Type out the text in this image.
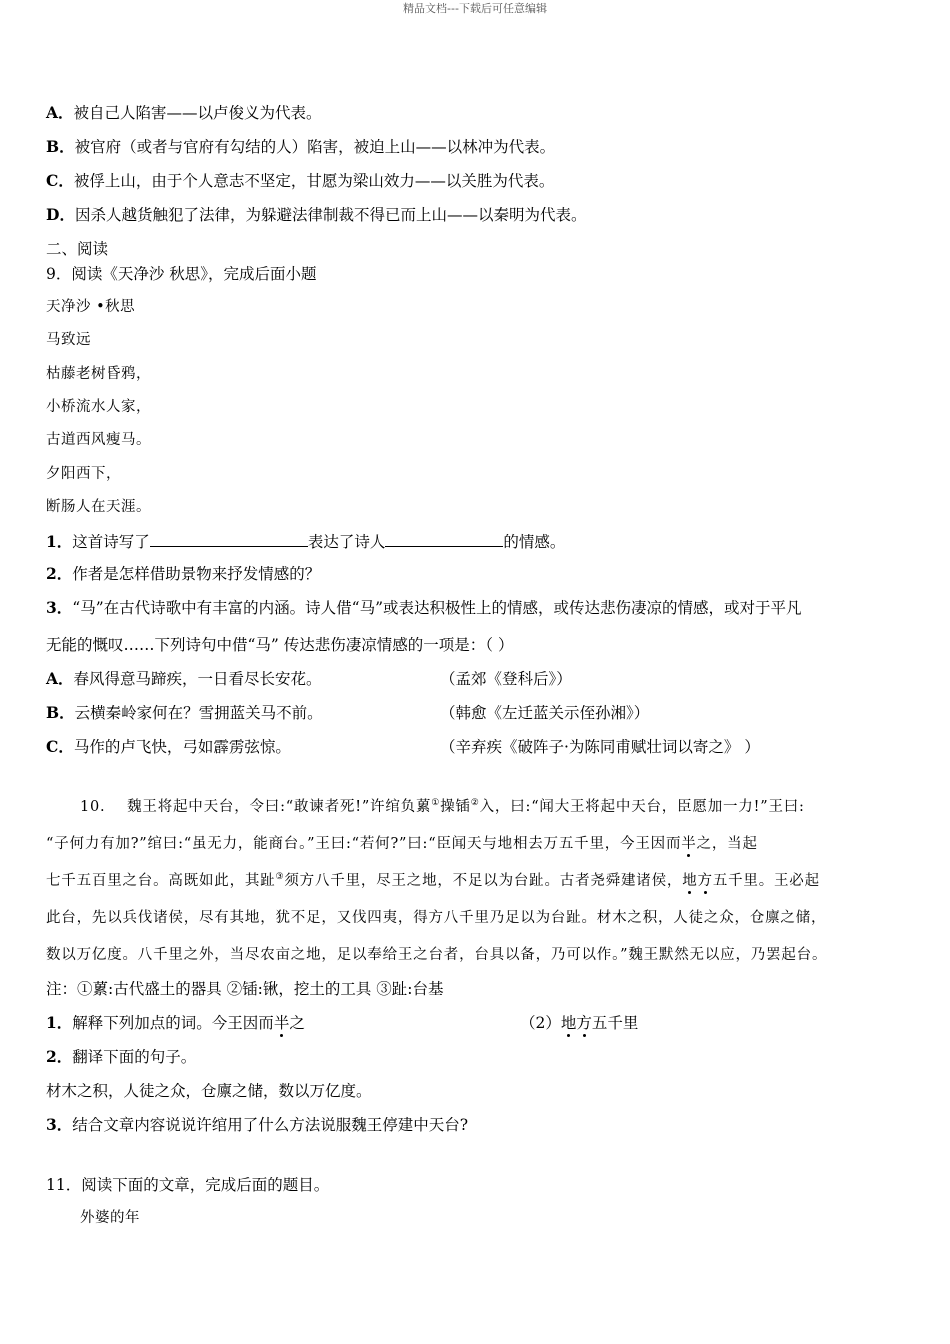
精品文档---下载后可任意编辑
A．被自己人陷害——以卢俊义为代表。
B．被官府（或者与官府有勾结的人）陷害，被迫上山——以林冲为代表。
C．被俘上山，由于个人意志不坚定，甘愿为梁山效力——以关胜为代表。
D．因杀人越货触犯了法律，为躲避法律制裁不得已而上山——以秦明为代表。
二、阅读
9．阅读《天净沙 秋思》，完成后面小题
天净沙 •秋思
马致远
枯藤老树昏鸦，
小桥流水人家，
古道西风瘦马。
夕阳西下，
断肠人在天涯。
1．这首诗写了	表达了诗人	的情感。
2．作者是怎样借助景物来抒发情感的？
3．“马”在古代诗歌中有丰富的内涵。诗人借“马”或表达积极性上的情感，或传达悲伤凄凉的情感，或对于平凡
无能的慨叹……下列诗句中借“马” 传达悲伤凄凉情感的一项是：（ ）
A．春风得意马蹄疾，一日看尽长安花。	（孟郊《登科后》）
B．云横秦岭家何在？雪拥蓝关马不前。	（韩愈《左迁蓝关示侄孙湘》）
C．马作的卢飞快，弓如霹雳弦惊。	（辛弃疾《破阵子·为陈同甫赋壮词以寄之》 ）
10. 魏王将起中天台，令曰:“敢谏者死!”许绾负蔂①操锸②入，曰:“闻大王将起中天台，臣愿加一力!”王曰:
“子何力有加?”绾曰:“虽无力，能商台。”王曰:“若何?”曰:“臣闻天与地相去万五千里，今王因而半之，当起
七千五百里之台。高既如此，其趾③须方八千里，尽王之地，不足以为台趾。古者尧舜建诸侯，地方五千里。王必起
此台，先以兵伐诸侯，尽有其地，犹不足，又伐四夷，得方八千里乃足以为台趾。材木之积，人徒之众，仓廪之储，
数以万亿度。八千里之外，当尽农亩之地，足以奉给王之台者，台具以备，乃可以作。”魏王默然无以应，乃罢起台。
注：①蔂:古代盛土的器具 ②锸:锹，挖土的工具 ③趾:台基
1．解释下列加点的词。今王因而半之	（2）地方五千里
2．翻译下面的句子。
材木之积，人徒之众，仓廪之储，数以万亿度。
3．结合文章内容说说许绾用了什么方法说服魏王停建中天台?
11．阅读下面的文章，完成后面的题目。
外婆的年
